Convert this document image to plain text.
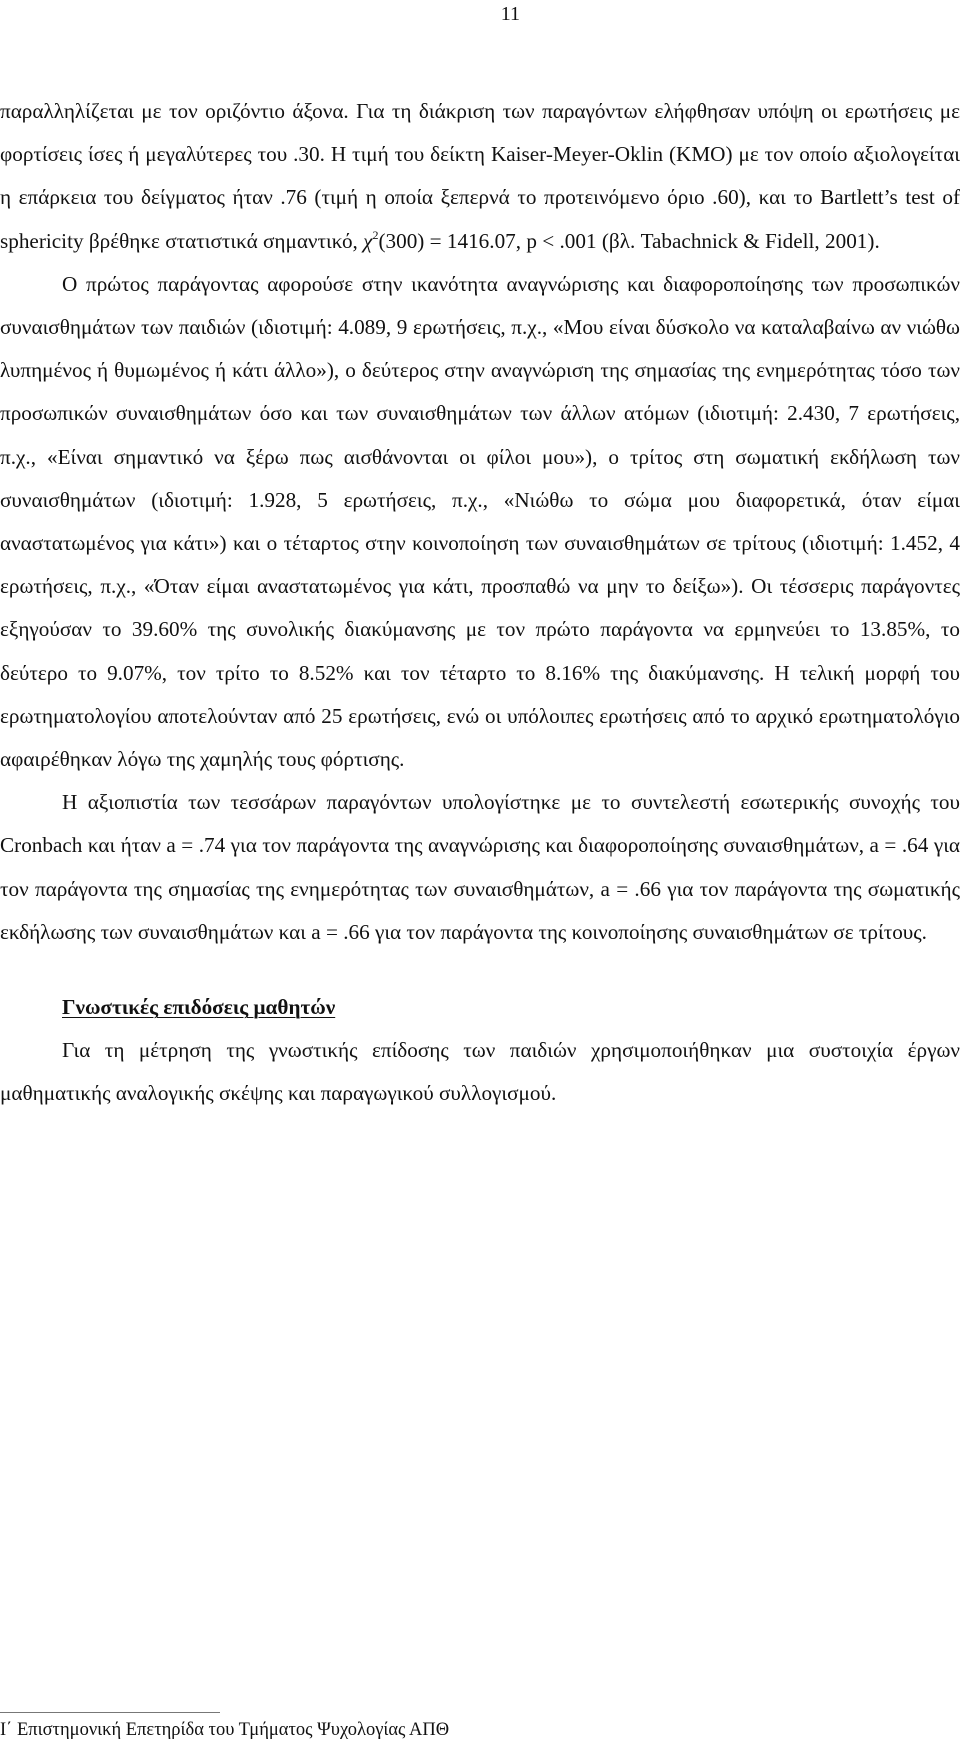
11

παραλληλίζεται με τον οριζόντιο άξονα. Για τη διάκριση των παραγόντων ελήφθησαν υπόψη οι ερωτήσεις με φορτίσεις ίσες ή μεγαλύτερες του .30. Η τιμή του δείκτη Kaiser-Meyer-Oklin (KMO) με τον οποίο αξιολογείται η επάρκεια του δείγματος ήταν .76 (τιμή η οποία ξεπερνά το προτεινόμενο όριο .60), και το Bartlett’s test of sphericity βρέθηκε στατιστικά σημαντικό, $\chi^2(300) = 1416.07$, p < .001 (βλ. Tabachnick & Fidell, 2001).

Ο πρώτος παράγοντας αφορούσε στην ικανότητα αναγνώρισης και διαφοροποίησης των προσωπικών συναισθημάτων των παιδιών (ιδιοτιμή: 4.089, 9 ερωτήσεις, π.χ., «Μου είναι δύσκολο να καταλαβαίνω αν νιώθω λυπημένος ή θυμωμένος ή κάτι άλλο»), ο δεύτερος στην αναγνώριση της σημασίας της ενημερότητας τόσο των προσωπικών συναισθημάτων όσο και των συναισθημάτων των άλλων ατόμων (ιδιοτιμή: 2.430, 7 ερωτήσεις, π.χ., «Είναι σημαντικό να ξέρω πως αισθάνονται οι φίλοι μου»), ο τρίτος στη σωματική εκδήλωση των συναισθημάτων (ιδιοτιμή: 1.928, 5 ερωτήσεις, π.χ., «Νιώθω το σώμα μου διαφορετικά, όταν είμαι αναστατωμένος για κάτι») και ο τέταρτος στην κοινοποίηση των συναισθημάτων σε τρίτους (ιδιοτιμή: 1.452, 4 ερωτήσεις, π.χ., «Όταν είμαι αναστατωμένος για κάτι, προσπαθώ να μην το δείξω»). Οι τέσσερις παράγοντες εξηγούσαν το 39.60% της συνολικής διακύμανσης με τον πρώτο παράγοντα να ερμηνεύει το 13.85%, το δεύτερο το 9.07%, τον τρίτο το 8.52% και τον τέταρτο το 8.16% της διακύμανσης. Η τελική μορφή του ερωτηματολογίου αποτελούνταν από 25 ερωτήσεις, ενώ οι υπόλοιπες ερωτήσεις από το αρχικό ερωτηματολόγιο αφαιρέθηκαν λόγω της χαμηλής τους φόρτισης.

Η αξιοπιστία των τεσσάρων παραγόντων υπολογίστηκε με το συντελεστή εσωτερικής συνοχής του Cronbach και ήταν a = .74 για τον παράγοντα της αναγνώρισης και διαφοροποίησης συναισθημάτων, a = .64 για τον παράγοντα της σημασίας της ενημερότητας των συναισθημάτων, a = .66 για τον παράγοντα της σωματικής εκδήλωσης των συναισθημάτων και a = .66 για τον παράγοντα της κοινοποίησης συναισθημάτων σε τρίτους.

Γνωστικές επιδόσεις μαθητών

Για τη μέτρηση της γνωστικής επίδοσης των παιδιών χρησιμοποιήθηκαν μια συστοιχία έργων μαθηματικής αναλογικής σκέψης και παραγωγικού συλλογισμού.

Ι΄ Επιστημονική Επετηρίδα του Τμήματος Ψυχολογίας ΑΠΘ
